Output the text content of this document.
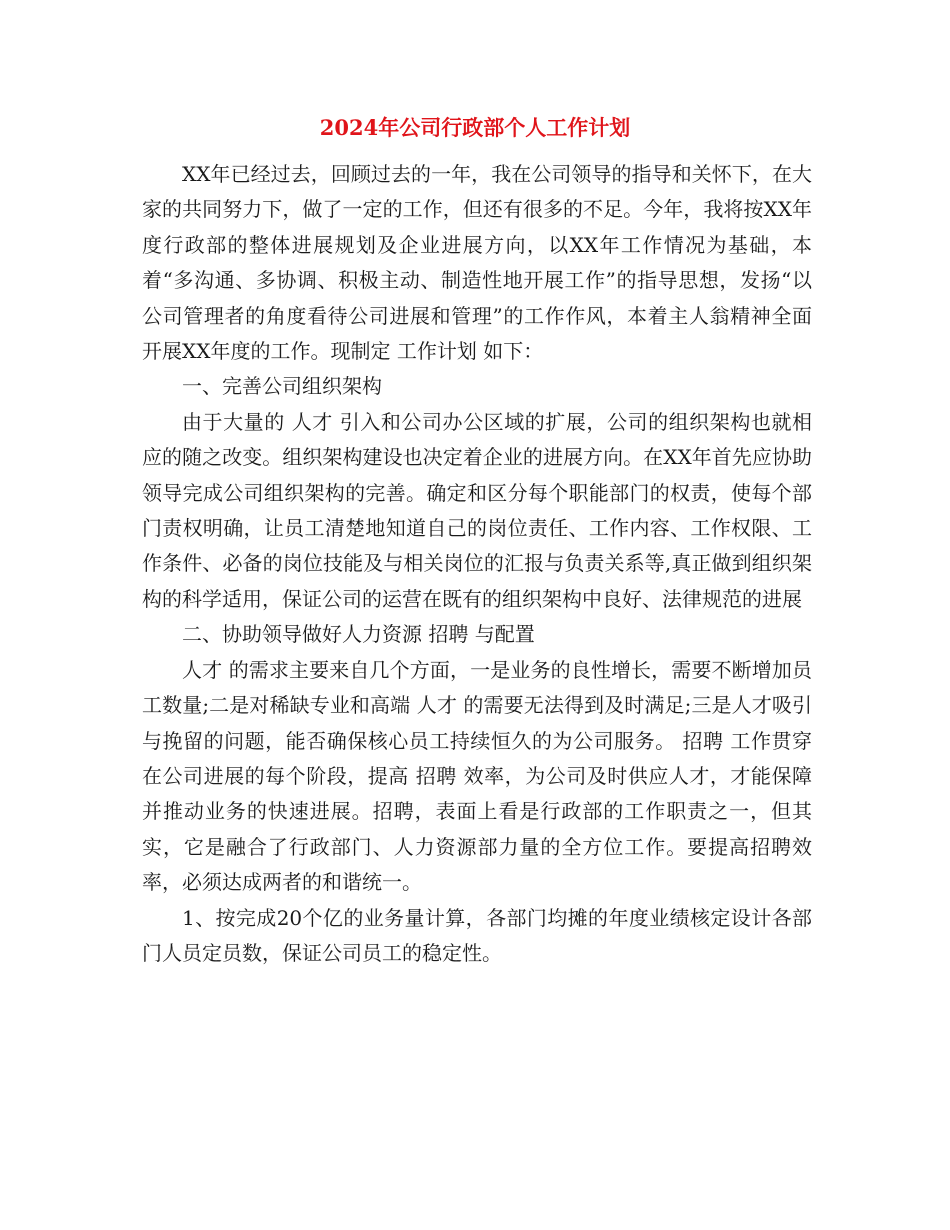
2024年公司行政部个人工作计划

XX年已经过去，回顾过去的一年，我在公司领导的指导和关怀下，在大家的共同努力下，做了一定的工作，但还有很多的不足。今年，我将按XX年度行政部的整体进展规划及企业进展方向，以XX年工作情况为基础，本着“多沟通、多协调、积极主动、制造性地开展工作”的指导思想，发扬“以公司管理者的角度看待公司进展和管理”的工作作风，本着主人翁精神全面开展XX年度的工作。现制定 工作计划 如下：

一、完善公司组织架构

由于大量的 人才 引入和公司办公区域的扩展，公司的组织架构也就相应的随之改变。组织架构建设也决定着企业的进展方向。在XX年首先应协助领导完成公司组织架构的完善。确定和区分每个职能部门的权责，使每个部门责权明确，让员工清楚地知道自己的岗位责任、工作内容、工作权限、工作条件、必备的岗位技能及与相关岗位的汇报与负责关系等,真正做到组织架构的科学适用，保证公司的运营在既有的组织架构中良好、法律规范的进展

二、协助领导做好人力资源 招聘 与配置

人才 的需求主要来自几个方面，一是业务的良性增长，需要不断增加员工数量;二是对稀缺专业和高端 人才 的需要无法得到及时满足;三是人才吸引与挽留的问题，能否确保核心员工持续恒久的为公司服务。 招聘 工作贯穿在公司进展的每个阶段，提高 招聘 效率，为公司及时供应人才，才能保障并推动业务的快速进展。招聘，表面上看是行政部的工作职责之一，但其实，它是融合了行政部门、人力资源部力量的全方位工作。要提高招聘效率，必须达成两者的和谐统一。

1、按完成20个亿的业务量计算，各部门均摊的年度业绩核定设计各部门人员定员数，保证公司员工的稳定性。
